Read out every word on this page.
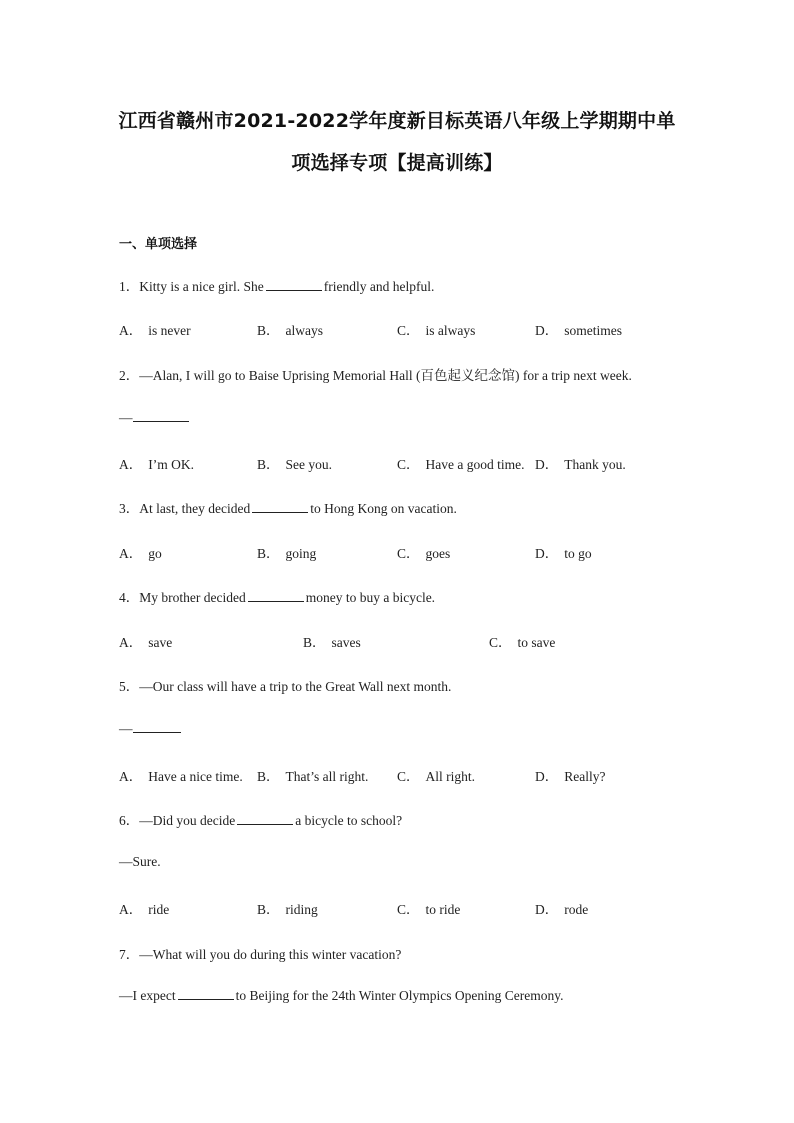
江西省赣州市2021-2022学年度新目标英语八年级上学期期中单
项选择专项【提高训练】
一、单项选择
1．Kitty is a nice girl. She	friendly and helpful.
A． is never	B． always	C． is always	D． sometimes
2．—Alan, I will go to Baise Uprising Memorial Hall (百色起义纪念馆) for a trip next week.
—
A． I’m OK.	B． See you.	C． Have a good time. D． Thank you.
3．At last, they decided	to Hong Kong on vacation.
A． go	B． going	C． goes	D． to go
4．My brother decided	money to buy a bicycle.
A． save	B． saves	C． to save
5．—Our class will have a trip to the Great Wall next month.
—
A． Have a nice time. B． That’s all right. C． All right.	D． Really?
6．—Did you decide	a bicycle to school?
—Sure.
A． ride	B． riding	C． to ride	D． rode
7．—What will you do during this winter vacation?
—I expect	to Beijing for the 24th Winter Olympics Opening Ceremony.
